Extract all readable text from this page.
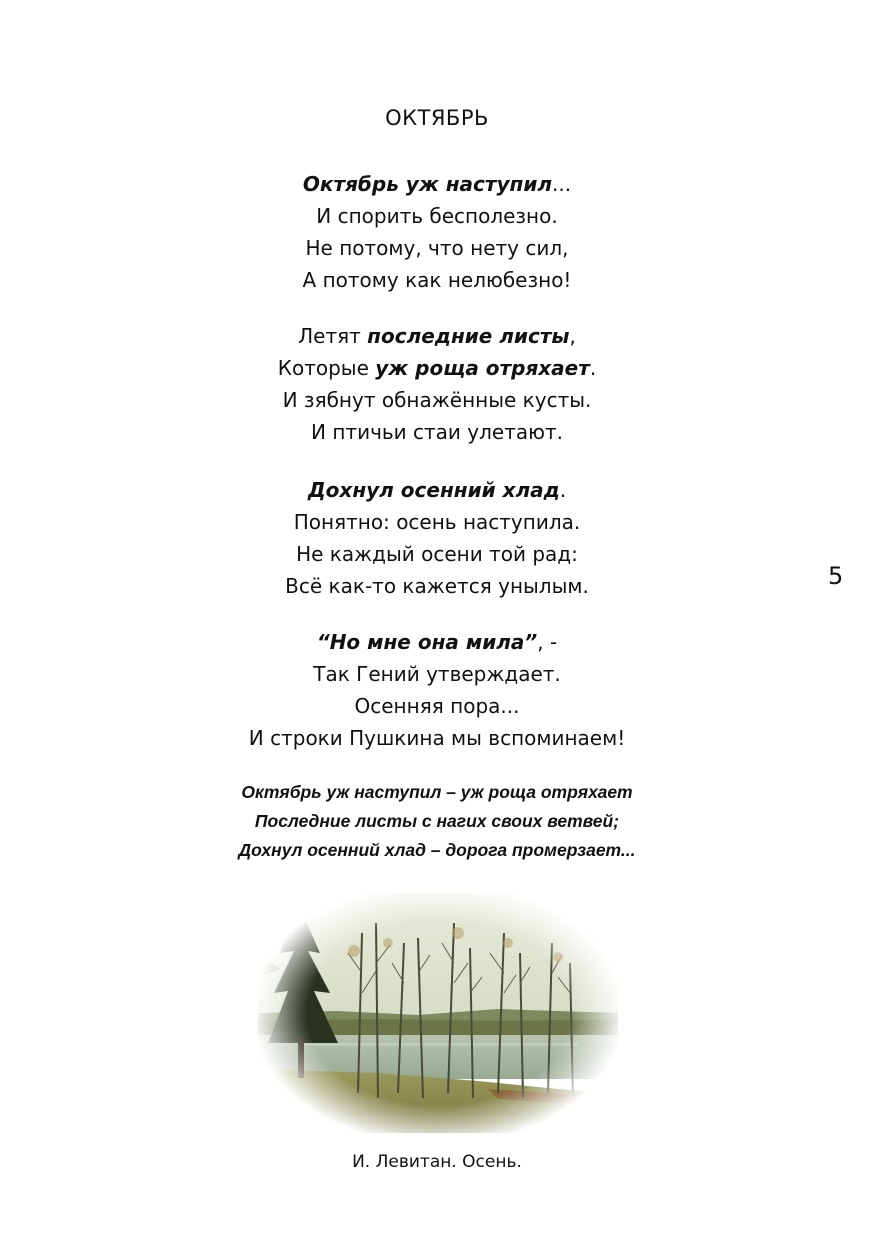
ОКТЯБРЬ
Октябрь уж наступил...
И спорить бесполезно.
Не потому, что нету сил,
А потому как нелюбезно!
Летят последние листы,
Которые уж роща отряхает.
И зябнут обнажённые кусты.
И птичьи стаи улетают.
Дохнул осенний хлад.
Понятно: осень наступила.
Не каждый осени той рад:
Всё как-то кажется унылым.
“Но мне она мила”, -
Так Гений утверждает.
Осенняя пора...
И строки Пушкина мы вспоминаем!
5
Октябрь уж наступил – уж роща отряхает
Последние листы с нагих своих ветвей;
Дохнул осенний хлад – дорога промерзает...
И. Левитан. Осень.
